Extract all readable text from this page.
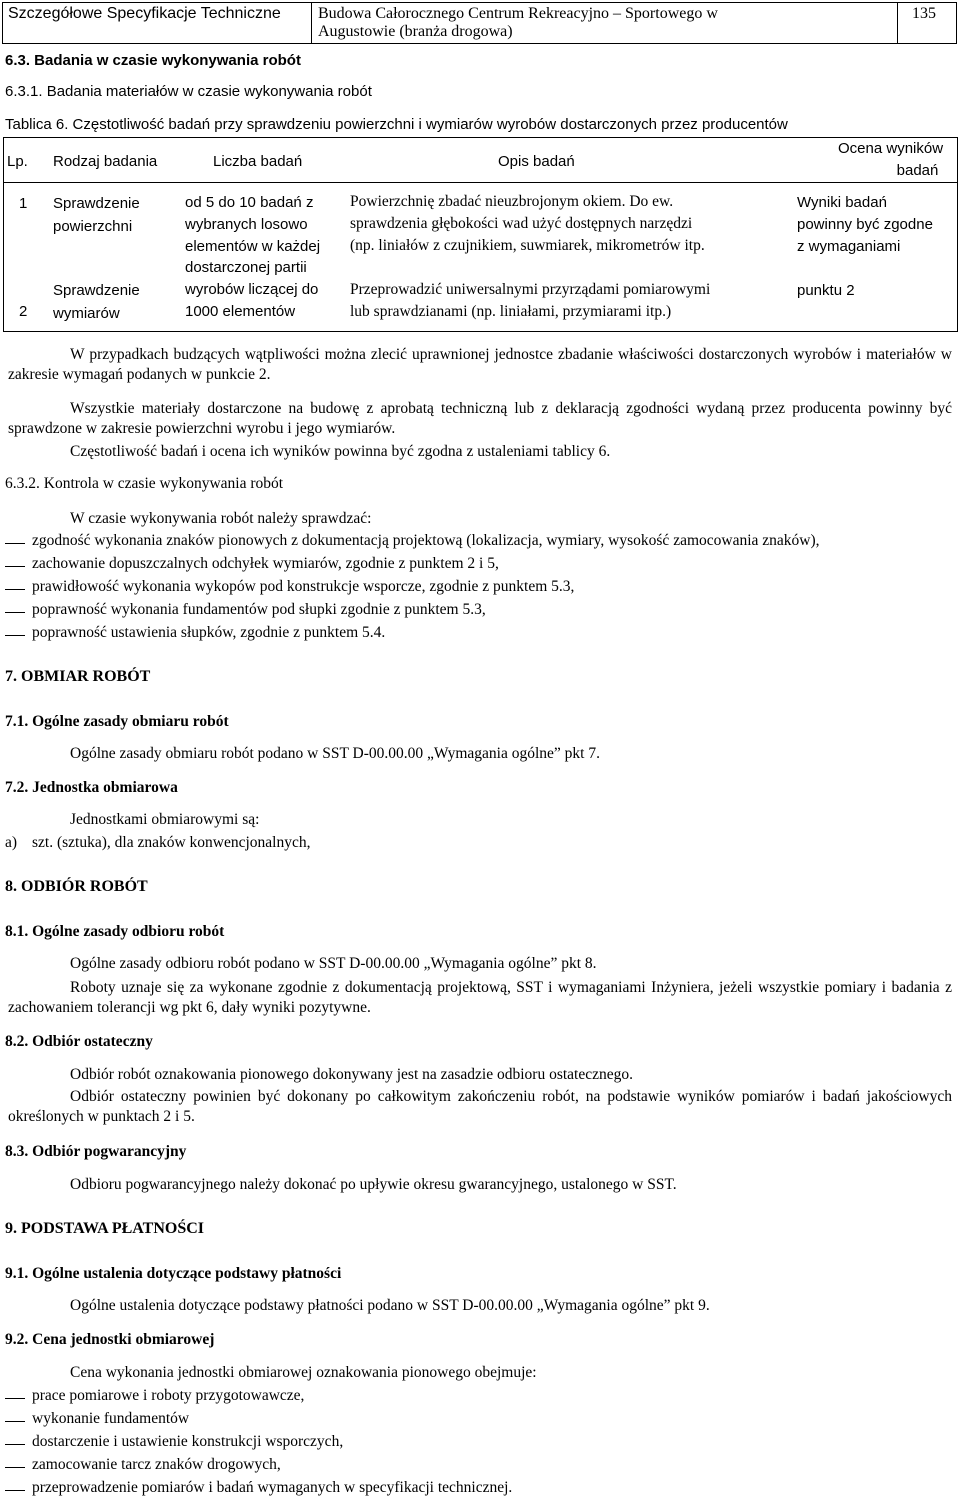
Szczegółowe Specyfikacje Techniczne Budowa Całorocznego Centrum Rekreacyjno – Sportowego w
Augustowie (branża drogowa)
135
6.3. Badania w czasie wykonywania robót
6.3.1. Badania materiałów w czasie wykonywania robót
Tablica 6. Częstotliwość badań przy sprawdzeniu powierzchni i wymiarów wyrobów dostarczonych przez producentów
Lp. Rodzaj badania	Liczba badań	Opis badań
Ocena wyników
badań
1 Sprawdzenie
powierzchni
2
Sprawdzenie
wymiarów
od 5 do 10 badań z
wybranych losowo
elementów w każdej
dostarczonej partii
wyrobów liczącej do
1000 elementów
Powierzchnię zbadać nieuzbrojonym okiem. Do ew.
sprawdzenia głębokości wad użyć dostępnych narzędzi
(np. liniałów z czujnikiem, suwmiarek, mikrometrów itp.
Przeprowadzić uniwersalnymi przyrządami pomiarowymi
lub sprawdzianami (np. liniałami, przymiarami itp.)
Wyniki badań
powinny być zgodne
z wymaganiami
punktu 2
W przypadkach budzących wątpliwości można zlecić uprawnionej jednostce zbadanie właściwości dostarczonych wyrobów i materiałów w zakresie wymagań podanych w punkcie 2.
Wszystkie materiały dostarczone na budowę z aprobatą techniczną lub z deklaracją zgodności wydaną przez producenta powinny być sprawdzone w zakresie powierzchni wyrobu i jego wymiarów.
Częstotliwość badań i ocena ich wyników powinna być zgodna z ustaleniami tablicy 6.
6.3.2. Kontrola w czasie wykonywania robót
W czasie wykonywania robót należy sprawdzać:
zgodność wykonania znaków pionowych z dokumentacją projektową (lokalizacja, wymiary, wysokość zamocowania znaków),
zachowanie dopuszczalnych odchyłek wymiarów, zgodnie z punktem 2 i 5,
prawidłowość wykonania wykopów pod konstrukcje wsporcze, zgodnie z punktem 5.3,
poprawność wykonania fundamentów pod słupki zgodnie z punktem 5.3,
poprawność ustawienia słupków, zgodnie z punktem 5.4.
7. OBMIAR ROBÓT
7.1. Ogólne zasady obmiaru robót
Ogólne zasady obmiaru robót podano w SST D-00.00.00 „Wymagania ogólne” pkt 7.
7.2. Jednostka obmiarowa
Jednostkami obmiarowymi są:
a) szt. (sztuka), dla znaków konwencjonalnych,
8. ODBIÓR ROBÓT
8.1. Ogólne zasady odbioru robót
Ogólne zasady odbioru robót podano w SST D-00.00.00 „Wymagania ogólne” pkt 8.
Roboty uznaje się za wykonane zgodnie z dokumentacją projektową, SST i wymaganiami Inżyniera, jeżeli wszystkie pomiary i badania z zachowaniem tolerancji wg pkt 6, dały wyniki pozytywne.
8.2. Odbiór ostateczny
Odbiór robót oznakowania pionowego dokonywany jest na zasadzie odbioru ostatecznego.
Odbiór ostateczny powinien być dokonany po całkowitym zakończeniu robót, na podstawie wyników pomiarów i badań jakościowych określonych w punktach 2 i 5.
8.3. Odbiór pogwarancyjny
Odbioru pogwarancyjnego należy dokonać po upływie okresu gwarancyjnego, ustalonego w SST.
9. PODSTAWA PŁATNOŚCI
9.1. Ogólne ustalenia dotyczące podstawy płatności
Ogólne ustalenia dotyczące podstawy płatności podano w SST D-00.00.00 „Wymagania ogólne” pkt 9.
9.2. Cena jednostki obmiarowej
Cena wykonania jednostki obmiarowej oznakowania pionowego obejmuje:
prace pomiarowe i roboty przygotowawcze,
wykonanie fundamentów
dostarczenie i ustawienie konstrukcji wsporczych,
zamocowanie tarcz znaków drogowych,
przeprowadzenie pomiarów i badań wymaganych w specyfikacji technicznej.
